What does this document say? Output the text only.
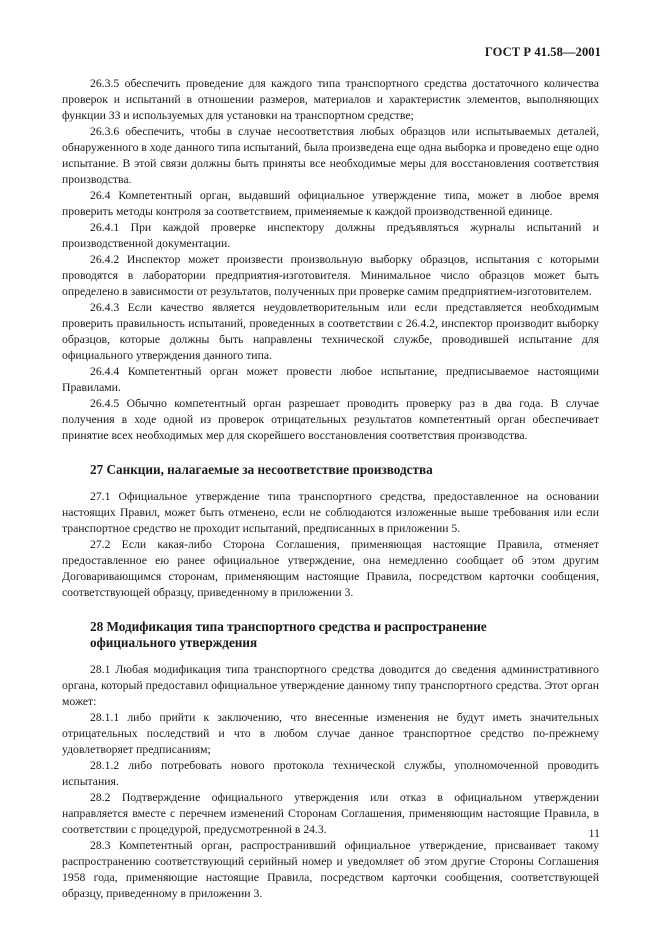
ГОСТ Р 41.58—2001

26.3.5 обеспечить проведение для каждого типа транспортного средства достаточного количества проверок и испытаний в отношении размеров, материалов и характеристик элементов, выполняющих функции ЗЗ и используемых для установки на транспортном средстве;

26.3.6 обеспечить, чтобы в случае несоответствия любых образцов или испытываемых деталей, обнаруженного в ходе данного типа испытаний, была произведена еще одна выборка и проведено еще одно испытание. В этой связи должны быть приняты все необходимые меры для восстановления соответствия производства.

26.4 Компетентный орган, выдавший официальное утверждение типа, может в любое время проверить методы контроля за соответствием, применяемые к каждой производственной единице.

26.4.1 При каждой проверке инспектору должны предъявляться журналы испытаний и производственной документации.

26.4.2 Инспектор может произвести произвольную выборку образцов, испытания с которыми проводятся в лаборатории предприятия-изготовителя. Минимальное число образцов может быть определено в зависимости от результатов, полученных при проверке самим предприятием-изготовителем.

26.4.3 Если качество является неудовлетворительным или если представляется необходимым проверить правильность испытаний, проведенных в соответствии с 26.4.2, инспектор производит выборку образцов, которые должны быть направлены технической службе, проводившей испытание для официального утверждения данного типа.

26.4.4 Компетентный орган может провести любое испытание, предписываемое настоящими Правилами.

26.4.5 Обычно компетентный орган разрешает проводить проверку раз в два года. В случае получения в ходе одной из проверок отрицательных результатов компетентный орган обеспечивает принятие всех необходимых мер для скорейшего восстановления соответствия производства.

27 Санкции, налагаемые за несоответствие производства

27.1 Официальное утверждение типа транспортного средства, предоставленное на основании настоящих Правил, может быть отменено, если не соблюдаются изложенные выше требования или если транспортное средство не проходит испытаний, предписанных в приложении 5.

27.2 Если какая-либо Сторона Соглашения, применяющая настоящие Правила, отменяет предоставленное ею ранее официальное утверждение, она немедленно сообщает об этом другим Договаривающимся сторонам, применяющим настоящие Правила, посредством карточки сообщения, соответствующей образцу, приведенному в приложении 3.

28 Модификация типа транспортного средства и распространение официального утверждения

28.1 Любая модификация типа транспортного средства доводится до сведения административного органа, который предоставил официальное утверждение данному типу транспортного средства. Этот орган может:

28.1.1 либо прийти к заключению, что внесенные изменения не будут иметь значительных отрицательных последствий и что в любом случае данное транспортное средство по-прежнему удовлетворяет предписаниям;

28.1.2 либо потребовать нового протокола технической службы, уполномоченной проводить испытания.

28.2 Подтверждение официального утверждения или отказ в официальном утверждении направляется вместе с перечнем изменений Сторонам Соглашения, применяющим настоящие Правила, в соответствии с процедурой, предусмотренной в 24.3.

28.3 Компетентный орган, распространивший официальное утверждение, присваивает такому распространению соответствующий серийный номер и уведомляет об этом другие Стороны Соглашения 1958 года, применяющие настоящие Правила, посредством карточки сообщения, соответствующей образцу, приведенному в приложении 3.

11
